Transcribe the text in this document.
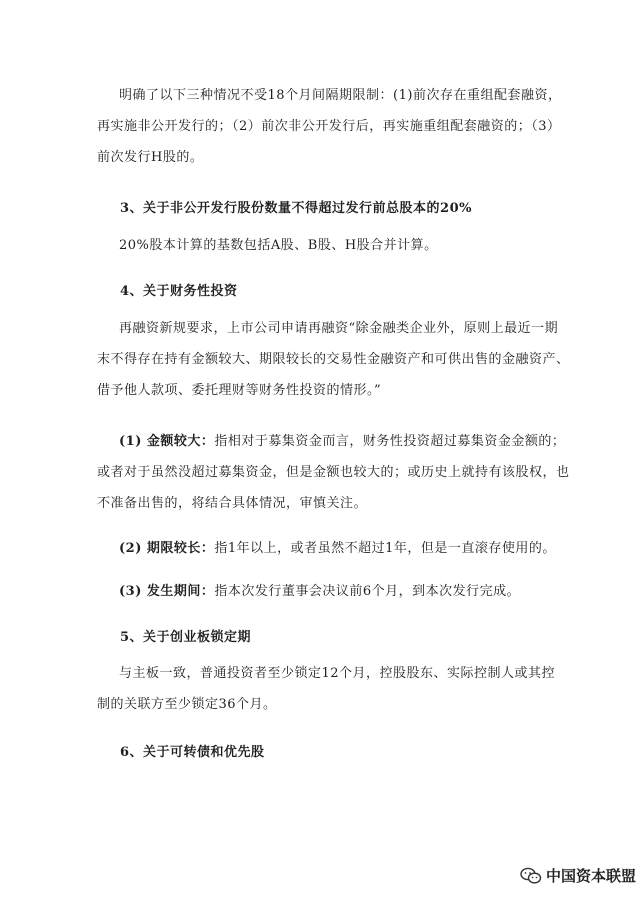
明确了以下三种情况不受18个月间隔期限制：(1)前次存在重组配套融资，
再实施非公开发行的；（2）前次非公开发行后，再实施重组配套融资的；（3）
前次发行H股的。

3、关于非公开发行股份数量不得超过发行前总股本的20%

20%股本计算的基数包括A股、B股、H股合并计算。

4、关于财务性投资

再融资新规要求，上市公司申请再融资“除金融类企业外，原则上最近一期
末不得存在持有金额较大、期限较长的交易性金融资产和可供出售的金融资产、
借予他人款项、委托理财等财务性投资的情形。”

(1) 金额较大：指相对于募集资金而言，财务性投资超过募集资金金额的；
或者对于虽然没超过募集资金，但是金额也较大的；或历史上就持有该股权，也
不准备出售的，将结合具体情况，审慎关注。

(2) 期限较长：指1年以上，或者虽然不超过1年，但是一直滚存使用的。

(3) 发生期间：指本次发行董事会决议前6个月，到本次发行完成。

5、关于创业板锁定期

与主板一致，普通投资者至少锁定12个月，控股股东、实际控制人或其控
制的关联方至少锁定36个月。

6、关于可转债和优先股

中国资本联盟
